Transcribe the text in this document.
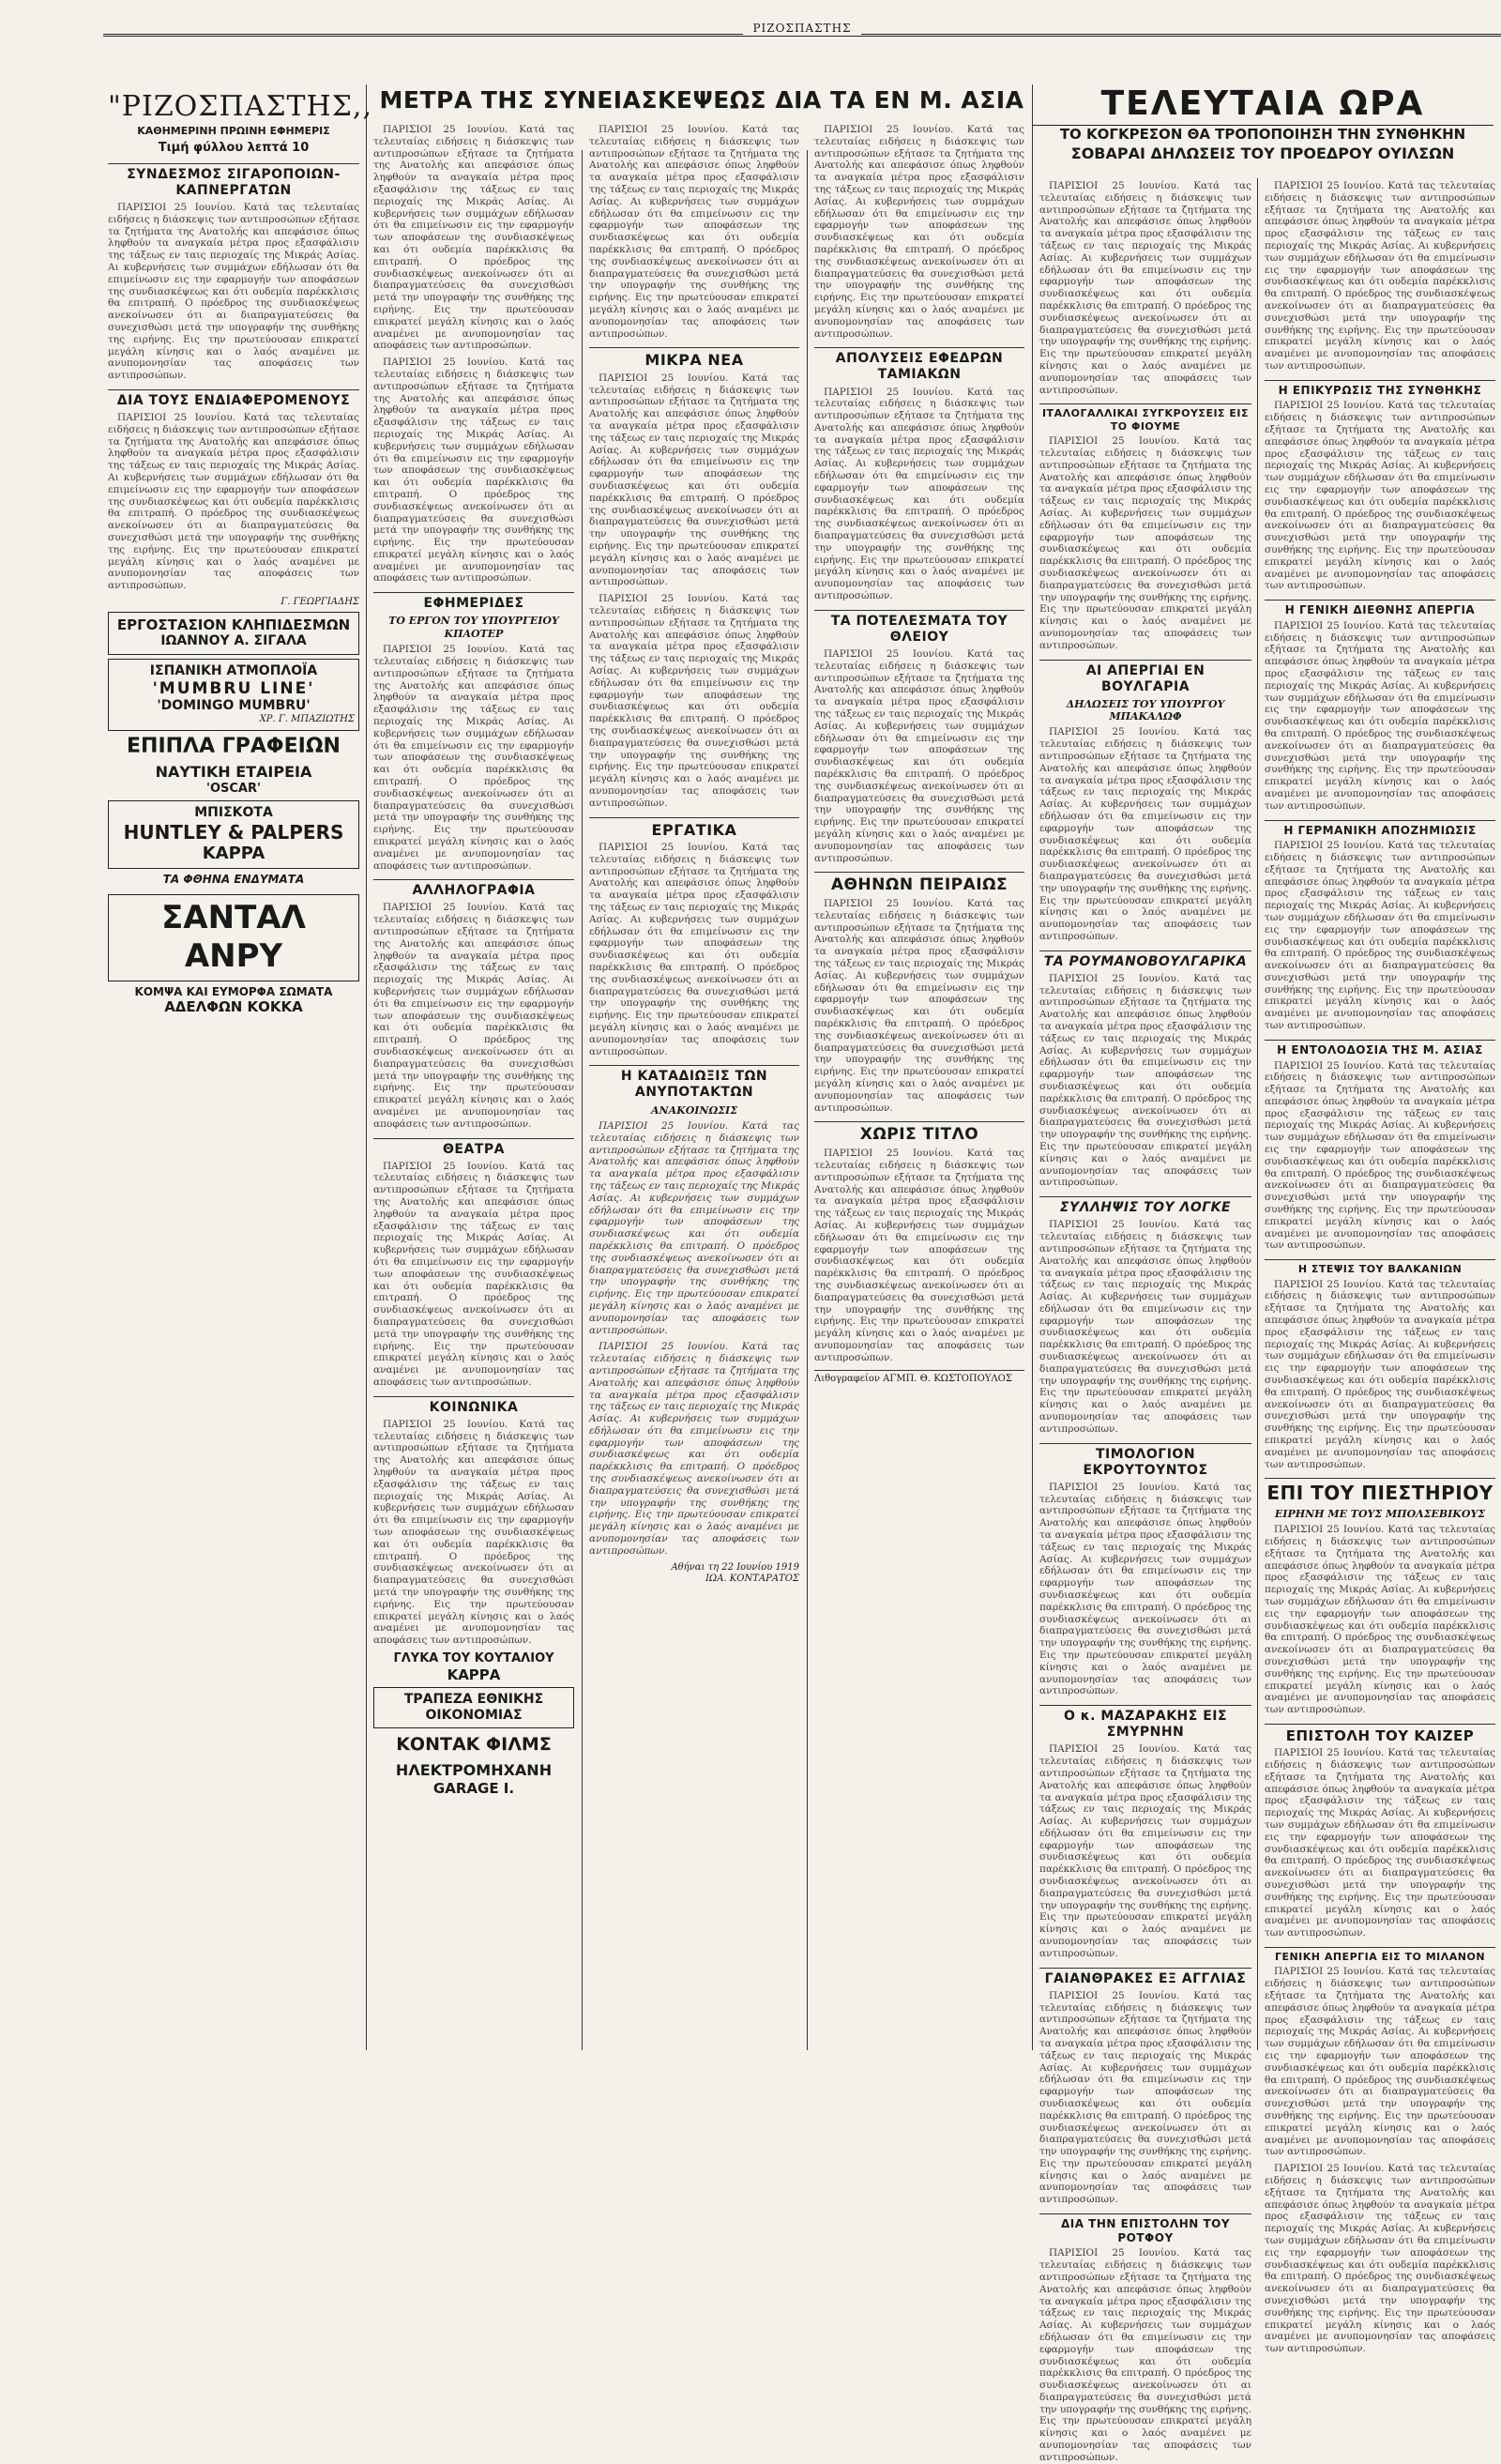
$_{PIZO\Sigma\Pi A\Sigma TH\Sigma}$
ΜΕΤΡΑ ΤΗΣ ΣΥΝΕΙΑΣΚΕΨΕΩΣ ΔΙΑ ΤΑ ΕΝ Μ. ΑΣΙΑ	ΤΕΛΕΥΤΑΙΑ ΩΡΑ
ΤΟ ΚΟΓΚΡΕΣΟΝ ΘΑ ΤΡΟΠΟΠΟΙΗΣΗ ΤΗΝ ΣΥΝΘΗΚΗΝ
ΣΟΒΑΡΑΙ ΔΗΛΩΣΕΙΣ ΤΟΥ ΠΡΟΕΔΡΟΥ ΟΥΙΛΣΩΝ
"ΡΙΖΟΣΠΑΣΤΗΣ,,
ΚΑΘΗΜΕΡΙΝΗ ΠΡΩΙΝΗ ΕΦΗΜΕΡΙΣ
Τιμή φύλλου λεπτά 10
ΣΥΝΔΕΣΜΟΣ ΣΙΓΑΡΟΠΟΙΩΝ-ΚΑΠΝΕΡΓΑΤΩΝ

ΠΑΡΙΣΙΟΙ 25 Ιουνίου. Κατά τας τελευταίας ειδήσεις η διάσκεψις των αντιπροσώπων εξήτασε τα ζητήματα της Ανατολής και απεφάσισε όπως ληφθούν τα αναγκαία μέτρα προς εξασφάλισιν της τάξεως εν ταις περιοχαίς της Μικράς Ασίας. Αι κυβερνήσεις των συμμάχων εδήλωσαν ότι θα επιμείνωσιν εις την εφαρμογήν των αποφάσεων της συνδιασκέψεως και ότι ουδεμία παρέκκλισις θα επιτραπή. Ο πρόεδρος της συνδιασκέψεως ανεκοίνωσεν ότι αι διαπραγματεύσεις θα συνεχισθώσι μετά την υπογραφήν της συνθήκης της ειρήνης. Εις την πρωτεύουσαν επικρατεί μεγάλη κίνησις και ο λαός αναμένει με ανυπομονησίαν τας αποφάσεις των αντιπροσώπων.

ΔΙΑ ΤΟΥΣ ΕΝΔΙΑΦΕΡΟΜΕΝΟΥΣ

ΠΑΡΙΣΙΟΙ 25 Ιουνίου. Κατά τας τελευταίας ειδήσεις η διάσκεψις των αντιπροσώπων εξήτασε τα ζητήματα της Ανατολής και απεφάσισε όπως ληφθούν τα αναγκαία μέτρα προς εξασφάλισιν της τάξεως εν ταις περιοχαίς της Μικράς Ασίας. Αι κυβερνήσεις των συμμάχων εδήλωσαν ότι θα επιμείνωσιν εις την εφαρμογήν των αποφάσεων της συνδιασκέψεως και ότι ουδεμία παρέκκλισις θα επιτραπή. Ο πρόεδρος της συνδιασκέψεως ανεκοίνωσεν ότι αι διαπραγματεύσεις θα συνεχισθώσι μετά την υπογραφήν της συνθήκης της ειρήνης. Εις την πρωτεύουσαν επικρατεί μεγάλη κίνησις και ο λαός αναμένει με ανυπομονησίαν τας αποφάσεις των αντιπροσώπων.

Γ. ΓΕΩΡΓΙΑΔΗΣ
ΕΡΓΟΣΤΑΣΙΟΝ ΚΛΗΠΙΔΕΣΜΩΝ
ΙΩΑΝΝΟΥ Α. ΣΙΓΑΛΑ
ΙΣΠΑΝΙΚΗ ΑΤΜΟΠΛΟΪΑ
'MUMBRU LINE'
'DOMINGO MUMBRU'
ΧΡ. Γ. ΜΠΑΖΙΩΤΗΣ
ΕΠΙΠΛΑ ΓΡΑΦΕΙΩΝ
ΝΑΥΤΙΚΗ ΕΤΑΙΡΕΙΑ
'OSCAR'
ΜΠΙΣΚΟΤΑ
HUNTLEY & PALPERS
KAPPA
ΤΑ ΦΘΗΝΑ ΕΝΔΥΜΑΤΑ
ΣΑΝΤΑΛ ΑΝΡΥ
ΚΟΜΨΑ ΚΑΙ ΕΥΜΟΡΦΑ ΣΩΜΑΤΑ
ΑΔΕΛΦΩΝ ΚΟΚΚΑ

ΠΑΡΙΣΙΟΙ 25 Ιουνίου. Κατά τας τελευταίας ειδήσεις η διάσκεψις των αντιπροσώπων εξήτασε τα ζητήματα της Ανατολής και απεφάσισε όπως ληφθούν τα αναγκαία μέτρα προς εξασφάλισιν της τάξεως εν ταις περιοχαίς της Μικράς Ασίας. Αι κυβερνήσεις των συμμάχων εδήλωσαν ότι θα επιμείνωσιν εις την εφαρμογήν των αποφάσεων της συνδιασκέψεως και ότι ουδεμία παρέκκλισις θα επιτραπή. Ο πρόεδρος της συνδιασκέψεως ανεκοίνωσεν ότι αι διαπραγματεύσεις θα συνεχισθώσι μετά την υπογραφήν της συνθήκης της ειρήνης. Εις την πρωτεύουσαν επικρατεί μεγάλη κίνησις και ο λαός αναμένει με ανυπομονησίαν τας αποφάσεις των αντιπροσώπων.

ΠΑΡΙΣΙΟΙ 25 Ιουνίου. Κατά τας τελευταίας ειδήσεις η διάσκεψις των αντιπροσώπων εξήτασε τα ζητήματα της Ανατολής και απεφάσισε όπως ληφθούν τα αναγκαία μέτρα προς εξασφάλισιν της τάξεως εν ταις περιοχαίς της Μικράς Ασίας. Αι κυβερνήσεις των συμμάχων εδήλωσαν ότι θα επιμείνωσιν εις την εφαρμογήν των αποφάσεων της συνδιασκέψεως και ότι ουδεμία παρέκκλισις θα επιτραπή. Ο πρόεδρος της συνδιασκέψεως ανεκοίνωσεν ότι αι διαπραγματεύσεις θα συνεχισθώσι μετά την υπογραφήν της συνθήκης της ειρήνης. Εις την πρωτεύουσαν επικρατεί μεγάλη κίνησις και ο λαός αναμένει με ανυπομονησίαν τας αποφάσεις των αντιπροσώπων.

ΕΦΗΜΕΡΙΔΕΣ
ΤΟ ΕΡΓΟΝ ΤΟΥ ΥΠΟΥΡΓΕΙΟΥ ΚΠΑΟΤΕΡ

ΠΑΡΙΣΙΟΙ 25 Ιουνίου. Κατά τας τελευταίας ειδήσεις η διάσκεψις των αντιπροσώπων εξήτασε τα ζητήματα της Ανατολής και απεφάσισε όπως ληφθούν τα αναγκαία μέτρα προς εξασφάλισιν της τάξεως εν ταις περιοχαίς της Μικράς Ασίας. Αι κυβερνήσεις των συμμάχων εδήλωσαν ότι θα επιμείνωσιν εις την εφαρμογήν των αποφάσεων της συνδιασκέψεως και ότι ουδεμία παρέκκλισις θα επιτραπή. Ο πρόεδρος της συνδιασκέψεως ανεκοίνωσεν ότι αι διαπραγματεύσεις θα συνεχισθώσι μετά την υπογραφήν της συνθήκης της ειρήνης. Εις την πρωτεύουσαν επικρατεί μεγάλη κίνησις και ο λαός αναμένει με ανυπομονησίαν τας αποφάσεις των αντιπροσώπων.

ΑΛΛΗΛΟΓΡΑΦΙΑ

ΠΑΡΙΣΙΟΙ 25 Ιουνίου. Κατά τας τελευταίας ειδήσεις η διάσκεψις των αντιπροσώπων εξήτασε τα ζητήματα της Ανατολής και απεφάσισε όπως ληφθούν τα αναγκαία μέτρα προς εξασφάλισιν της τάξεως εν ταις περιοχαίς της Μικράς Ασίας. Αι κυβερνήσεις των συμμάχων εδήλωσαν ότι θα επιμείνωσιν εις την εφαρμογήν των αποφάσεων της συνδιασκέψεως και ότι ουδεμία παρέκκλισις θα επιτραπή. Ο πρόεδρος της συνδιασκέψεως ανεκοίνωσεν ότι αι διαπραγματεύσεις θα συνεχισθώσι μετά την υπογραφήν της συνθήκης της ειρήνης. Εις την πρωτεύουσαν επικρατεί μεγάλη κίνησις και ο λαός αναμένει με ανυπομονησίαν τας αποφάσεις των αντιπροσώπων.

ΘΕΑΤΡΑ

ΠΑΡΙΣΙΟΙ 25 Ιουνίου. Κατά τας τελευταίας ειδήσεις η διάσκεψις των αντιπροσώπων εξήτασε τα ζητήματα της Ανατολής και απεφάσισε όπως ληφθούν τα αναγκαία μέτρα προς εξασφάλισιν της τάξεως εν ταις περιοχαίς της Μικράς Ασίας. Αι κυβερνήσεις των συμμάχων εδήλωσαν ότι θα επιμείνωσιν εις την εφαρμογήν των αποφάσεων της συνδιασκέψεως και ότι ουδεμία παρέκκλισις θα επιτραπή. Ο πρόεδρος της συνδιασκέψεως ανεκοίνωσεν ότι αι διαπραγματεύσεις θα συνεχισθώσι μετά την υπογραφήν της συνθήκης της ειρήνης. Εις την πρωτεύουσαν επικρατεί μεγάλη κίνησις και ο λαός αναμένει με ανυπομονησίαν τας αποφάσεις των αντιπροσώπων.

ΚΟΙΝΩΝΙΚΑ

ΠΑΡΙΣΙΟΙ 25 Ιουνίου. Κατά τας τελευταίας ειδήσεις η διάσκεψις των αντιπροσώπων εξήτασε τα ζητήματα της Ανατολής και απεφάσισε όπως ληφθούν τα αναγκαία μέτρα προς εξασφάλισιν της τάξεως εν ταις περιοχαίς της Μικράς Ασίας. Αι κυβερνήσεις των συμμάχων εδήλωσαν ότι θα επιμείνωσιν εις την εφαρμογήν των αποφάσεων της συνδιασκέψεως και ότι ουδεμία παρέκκλισις θα επιτραπή. Ο πρόεδρος της συνδιασκέψεως ανεκοίνωσεν ότι αι διαπραγματεύσεις θα συνεχισθώσι μετά την υπογραφήν της συνθήκης της ειρήνης. Εις την πρωτεύουσαν επικρατεί μεγάλη κίνησις και ο λαός αναμένει με ανυπομονησίαν τας αποφάσεις των αντιπροσώπων.

ΓΛΥΚΑ ΤΟΥ ΚΟΥΤΑΛΙΟΥ
ΚΑΡΡΑ
ΤΡΑΠΕΖΑ ΕΘΝΙΚΗΣ ΟΙΚΟΝΟΜΙΑΣ
ΚΟΝΤΑΚ ΦΙΛΜΣ
ΗΛΕΚΤΡΟΜΗΧΑΝΗ
GARAGE I.

ΠΑΡΙΣΙΟΙ 25 Ιουνίου. Κατά τας τελευταίας ειδήσεις η διάσκεψις των αντιπροσώπων εξήτασε τα ζητήματα της Ανατολής και απεφάσισε όπως ληφθούν τα αναγκαία μέτρα προς εξασφάλισιν της τάξεως εν ταις περιοχαίς της Μικράς Ασίας. Αι κυβερνήσεις των συμμάχων εδήλωσαν ότι θα επιμείνωσιν εις την εφαρμογήν των αποφάσεων της συνδιασκέψεως και ότι ουδεμία παρέκκλισις θα επιτραπή. Ο πρόεδρος της συνδιασκέψεως ανεκοίνωσεν ότι αι διαπραγματεύσεις θα συνεχισθώσι μετά την υπογραφήν της συνθήκης της ειρήνης. Εις την πρωτεύουσαν επικρατεί μεγάλη κίνησις και ο λαός αναμένει με ανυπομονησίαν τας αποφάσεις των αντιπροσώπων.

ΜΙΚΡΑ ΝΕΑ

ΠΑΡΙΣΙΟΙ 25 Ιουνίου. Κατά τας τελευταίας ειδήσεις η διάσκεψις των αντιπροσώπων εξήτασε τα ζητήματα της Ανατολής και απεφάσισε όπως ληφθούν τα αναγκαία μέτρα προς εξασφάλισιν της τάξεως εν ταις περιοχαίς της Μικράς Ασίας. Αι κυβερνήσεις των συμμάχων εδήλωσαν ότι θα επιμείνωσιν εις την εφαρμογήν των αποφάσεων της συνδιασκέψεως και ότι ουδεμία παρέκκλισις θα επιτραπή. Ο πρόεδρος της συνδιασκέψεως ανεκοίνωσεν ότι αι διαπραγματεύσεις θα συνεχισθώσι μετά την υπογραφήν της συνθήκης της ειρήνης. Εις την πρωτεύουσαν επικρατεί μεγάλη κίνησις και ο λαός αναμένει με ανυπομονησίαν τας αποφάσεις των αντιπροσώπων.

ΠΑΡΙΣΙΟΙ 25 Ιουνίου. Κατά τας τελευταίας ειδήσεις η διάσκεψις των αντιπροσώπων εξήτασε τα ζητήματα της Ανατολής και απεφάσισε όπως ληφθούν τα αναγκαία μέτρα προς εξασφάλισιν της τάξεως εν ταις περιοχαίς της Μικράς Ασίας. Αι κυβερνήσεις των συμμάχων εδήλωσαν ότι θα επιμείνωσιν εις την εφαρμογήν των αποφάσεων της συνδιασκέψεως και ότι ουδεμία παρέκκλισις θα επιτραπή. Ο πρόεδρος της συνδιασκέψεως ανεκοίνωσεν ότι αι διαπραγματεύσεις θα συνεχισθώσι μετά την υπογραφήν της συνθήκης της ειρήνης. Εις την πρωτεύουσαν επικρατεί μεγάλη κίνησις και ο λαός αναμένει με ανυπομονησίαν τας αποφάσεις των αντιπροσώπων.

ΕΡΓΑΤΙΚΑ

ΠΑΡΙΣΙΟΙ 25 Ιουνίου. Κατά τας τελευταίας ειδήσεις η διάσκεψις των αντιπροσώπων εξήτασε τα ζητήματα της Ανατολής και απεφάσισε όπως ληφθούν τα αναγκαία μέτρα προς εξασφάλισιν της τάξεως εν ταις περιοχαίς της Μικράς Ασίας. Αι κυβερνήσεις των συμμάχων εδήλωσαν ότι θα επιμείνωσιν εις την εφαρμογήν των αποφάσεων της συνδιασκέψεως και ότι ουδεμία παρέκκλισις θα επιτραπή. Ο πρόεδρος της συνδιασκέψεως ανεκοίνωσεν ότι αι διαπραγματεύσεις θα συνεχισθώσι μετά την υπογραφήν της συνθήκης της ειρήνης. Εις την πρωτεύουσαν επικρατεί μεγάλη κίνησις και ο λαός αναμένει με ανυπομονησίαν τας αποφάσεις των αντιπροσώπων.

Η ΚΑΤΑΔΙΩΞΙΣ ΤΩΝ ΑΝΥΠΟΤΑΚΤΩΝ
ΑΝΑΚΟΙΝΩΣΙΣ

ΠΑΡΙΣΙΟΙ 25 Ιουνίου. Κατά τας τελευταίας ειδήσεις η διάσκεψις των αντιπροσώπων εξήτασε τα ζητήματα της Ανατολής και απεφάσισε όπως ληφθούν τα αναγκαία μέτρα προς εξασφάλισιν της τάξεως εν ταις περιοχαίς της Μικράς Ασίας. Αι κυβερνήσεις των συμμάχων εδήλωσαν ότι θα επιμείνωσιν εις την εφαρμογήν των αποφάσεων της συνδιασκέψεως και ότι ουδεμία παρέκκλισις θα επιτραπή. Ο πρόεδρος της συνδιασκέψεως ανεκοίνωσεν ότι αι διαπραγματεύσεις θα συνεχισθώσι μετά την υπογραφήν της συνθήκης της ειρήνης. Εις την πρωτεύουσαν επικρατεί μεγάλη κίνησις και ο λαός αναμένει με ανυπομονησίαν τας αποφάσεις των αντιπροσώπων.

ΠΑΡΙΣΙΟΙ 25 Ιουνίου. Κατά τας τελευταίας ειδήσεις η διάσκεψις των αντιπροσώπων εξήτασε τα ζητήματα της Ανατολής και απεφάσισε όπως ληφθούν τα αναγκαία μέτρα προς εξασφάλισιν της τάξεως εν ταις περιοχαίς της Μικράς Ασίας. Αι κυβερνήσεις των συμμάχων εδήλωσαν ότι θα επιμείνωσιν εις την εφαρμογήν των αποφάσεων της συνδιασκέψεως και ότι ουδεμία παρέκκλισις θα επιτραπή. Ο πρόεδρος της συνδιασκέψεως ανεκοίνωσεν ότι αι διαπραγματεύσεις θα συνεχισθώσι μετά την υπογραφήν της συνθήκης της ειρήνης. Εις την πρωτεύουσαν επικρατεί μεγάλη κίνησις και ο λαός αναμένει με ανυπομονησίαν τας αποφάσεις των αντιπροσώπων.

Αθήναι τη 22 Ιουνίου 1919
ΙΩΑ. ΚΟΝΤΑΡΑΤΟΣ

ΠΑΡΙΣΙΟΙ 25 Ιουνίου. Κατά τας τελευταίας ειδήσεις η διάσκεψις των αντιπροσώπων εξήτασε τα ζητήματα της Ανατολής και απεφάσισε όπως ληφθούν τα αναγκαία μέτρα προς εξασφάλισιν της τάξεως εν ταις περιοχαίς της Μικράς Ασίας. Αι κυβερνήσεις των συμμάχων εδήλωσαν ότι θα επιμείνωσιν εις την εφαρμογήν των αποφάσεων της συνδιασκέψεως και ότι ουδεμία παρέκκλισις θα επιτραπή. Ο πρόεδρος της συνδιασκέψεως ανεκοίνωσεν ότι αι διαπραγματεύσεις θα συνεχισθώσι μετά την υπογραφήν της συνθήκης της ειρήνης. Εις την πρωτεύουσαν επικρατεί μεγάλη κίνησις και ο λαός αναμένει με ανυπομονησίαν τας αποφάσεις των αντιπροσώπων.

ΑΠΟΛΥΣΕΙΣ ΕΦΕΔΡΩΝ ΤΑΜΙΑΚΩΝ

ΠΑΡΙΣΙΟΙ 25 Ιουνίου. Κατά τας τελευταίας ειδήσεις η διάσκεψις των αντιπροσώπων εξήτασε τα ζητήματα της Ανατολής και απεφάσισε όπως ληφθούν τα αναγκαία μέτρα προς εξασφάλισιν της τάξεως εν ταις περιοχαίς της Μικράς Ασίας. Αι κυβερνήσεις των συμμάχων εδήλωσαν ότι θα επιμείνωσιν εις την εφαρμογήν των αποφάσεων της συνδιασκέψεως και ότι ουδεμία παρέκκλισις θα επιτραπή. Ο πρόεδρος της συνδιασκέψεως ανεκοίνωσεν ότι αι διαπραγματεύσεις θα συνεχισθώσι μετά την υπογραφήν της συνθήκης της ειρήνης. Εις την πρωτεύουσαν επικρατεί μεγάλη κίνησις και ο λαός αναμένει με ανυπομονησίαν τας αποφάσεις των αντιπροσώπων.

ΤΑ ΠΟΤΕΛΕΣΜΑΤΑ ΤΟΥ ΘΛΕΙΟΥ

ΠΑΡΙΣΙΟΙ 25 Ιουνίου. Κατά τας τελευταίας ειδήσεις η διάσκεψις των αντιπροσώπων εξήτασε τα ζητήματα της Ανατολής και απεφάσισε όπως ληφθούν τα αναγκαία μέτρα προς εξασφάλισιν της τάξεως εν ταις περιοχαίς της Μικράς Ασίας. Αι κυβερνήσεις των συμμάχων εδήλωσαν ότι θα επιμείνωσιν εις την εφαρμογήν των αποφάσεων της συνδιασκέψεως και ότι ουδεμία παρέκκλισις θα επιτραπή. Ο πρόεδρος της συνδιασκέψεως ανεκοίνωσεν ότι αι διαπραγματεύσεις θα συνεχισθώσι μετά την υπογραφήν της συνθήκης της ειρήνης. Εις την πρωτεύουσαν επικρατεί μεγάλη κίνησις και ο λαός αναμένει με ανυπομονησίαν τας αποφάσεις των αντιπροσώπων.

ΑΘΗΝΩΝ ΠΕΙΡΑΙΩΣ

ΠΑΡΙΣΙΟΙ 25 Ιουνίου. Κατά τας τελευταίας ειδήσεις η διάσκεψις των αντιπροσώπων εξήτασε τα ζητήματα της Ανατολής και απεφάσισε όπως ληφθούν τα αναγκαία μέτρα προς εξασφάλισιν της τάξεως εν ταις περιοχαίς της Μικράς Ασίας. Αι κυβερνήσεις των συμμάχων εδήλωσαν ότι θα επιμείνωσιν εις την εφαρμογήν των αποφάσεων της συνδιασκέψεως και ότι ουδεμία παρέκκλισις θα επιτραπή. Ο πρόεδρος της συνδιασκέψεως ανεκοίνωσεν ότι αι διαπραγματεύσεις θα συνεχισθώσι μετά την υπογραφήν της συνθήκης της ειρήνης. Εις την πρωτεύουσαν επικρατεί μεγάλη κίνησις και ο λαός αναμένει με ανυπομονησίαν τας αποφάσεις των αντιπροσώπων.

ΧΩΡΙΣ ΤΙΤΛΟ

ΠΑΡΙΣΙΟΙ 25 Ιουνίου. Κατά τας τελευταίας ειδήσεις η διάσκεψις των αντιπροσώπων εξήτασε τα ζητήματα της Ανατολής και απεφάσισε όπως ληφθούν τα αναγκαία μέτρα προς εξασφάλισιν της τάξεως εν ταις περιοχαίς της Μικράς Ασίας. Αι κυβερνήσεις των συμμάχων εδήλωσαν ότι θα επιμείνωσιν εις την εφαρμογήν των αποφάσεων της συνδιασκέψεως και ότι ουδεμία παρέκκλισις θα επιτραπή. Ο πρόεδρος της συνδιασκέψεως ανεκοίνωσεν ότι αι διαπραγματεύσεις θα συνεχισθώσι μετά την υπογραφήν της συνθήκης της ειρήνης. Εις την πρωτεύουσαν επικρατεί μεγάλη κίνησις και ο λαός αναμένει με ανυπομονησίαν τας αποφάσεις των αντιπροσώπων.

Λιθογραφείον ΑΓΜΠ. Θ. ΚΩΣΤΟΠΟΥΛΟΣ

ΠΑΡΙΣΙΟΙ 25 Ιουνίου. Κατά τας τελευταίας ειδήσεις η διάσκεψις των αντιπροσώπων εξήτασε τα ζητήματα της Ανατολής και απεφάσισε όπως ληφθούν τα αναγκαία μέτρα προς εξασφάλισιν της τάξεως εν ταις περιοχαίς της Μικράς Ασίας. Αι κυβερνήσεις των συμμάχων εδήλωσαν ότι θα επιμείνωσιν εις την εφαρμογήν των αποφάσεων της συνδιασκέψεως και ότι ουδεμία παρέκκλισις θα επιτραπή. Ο πρόεδρος της συνδιασκέψεως ανεκοίνωσεν ότι αι διαπραγματεύσεις θα συνεχισθώσι μετά την υπογραφήν της συνθήκης της ειρήνης. Εις την πρωτεύουσαν επικρατεί μεγάλη κίνησις και ο λαός αναμένει με ανυπομονησίαν τας αποφάσεις των αντιπροσώπων.

ΙΤΑΛΟΓΑΛΛΙΚΑΙ ΣΥΓΚΡΟΥΣΕΙΣ ΕΙΣ ΤΟ ΦΙΟΥΜΕ

ΠΑΡΙΣΙΟΙ 25 Ιουνίου. Κατά τας τελευταίας ειδήσεις η διάσκεψις των αντιπροσώπων εξήτασε τα ζητήματα της Ανατολής και απεφάσισε όπως ληφθούν τα αναγκαία μέτρα προς εξασφάλισιν της τάξεως εν ταις περιοχαίς της Μικράς Ασίας. Αι κυβερνήσεις των συμμάχων εδήλωσαν ότι θα επιμείνωσιν εις την εφαρμογήν των αποφάσεων της συνδιασκέψεως και ότι ουδεμία παρέκκλισις θα επιτραπή. Ο πρόεδρος της συνδιασκέψεως ανεκοίνωσεν ότι αι διαπραγματεύσεις θα συνεχισθώσι μετά την υπογραφήν της συνθήκης της ειρήνης. Εις την πρωτεύουσαν επικρατεί μεγάλη κίνησις και ο λαός αναμένει με ανυπομονησίαν τας αποφάσεις των αντιπροσώπων.

ΑΙ ΑΠΕΡΓΙΑΙ ΕΝ ΒΟΥΛΓΑΡΙΑ
ΔΗΛΩΣΕΙΣ ΤΟΥ ΥΠΟΥΡΓΟΥ ΜΠΑΚΑΛΩΦ

ΠΑΡΙΣΙΟΙ 25 Ιουνίου. Κατά τας τελευταίας ειδήσεις η διάσκεψις των αντιπροσώπων εξήτασε τα ζητήματα της Ανατολής και απεφάσισε όπως ληφθούν τα αναγκαία μέτρα προς εξασφάλισιν της τάξεως εν ταις περιοχαίς της Μικράς Ασίας. Αι κυβερνήσεις των συμμάχων εδήλωσαν ότι θα επιμείνωσιν εις την εφαρμογήν των αποφάσεων της συνδιασκέψεως και ότι ουδεμία παρέκκλισις θα επιτραπή. Ο πρόεδρος της συνδιασκέψεως ανεκοίνωσεν ότι αι διαπραγματεύσεις θα συνεχισθώσι μετά την υπογραφήν της συνθήκης της ειρήνης. Εις την πρωτεύουσαν επικρατεί μεγάλη κίνησις και ο λαός αναμένει με ανυπομονησίαν τας αποφάσεις των αντιπροσώπων.

ΤΑ ΡΟΥΜΑΝΟΒΟΥΛΓΑΡΙΚΑ

ΠΑΡΙΣΙΟΙ 25 Ιουνίου. Κατά τας τελευταίας ειδήσεις η διάσκεψις των αντιπροσώπων εξήτασε τα ζητήματα της Ανατολής και απεφάσισε όπως ληφθούν τα αναγκαία μέτρα προς εξασφάλισιν της τάξεως εν ταις περιοχαίς της Μικράς Ασίας. Αι κυβερνήσεις των συμμάχων εδήλωσαν ότι θα επιμείνωσιν εις την εφαρμογήν των αποφάσεων της συνδιασκέψεως και ότι ουδεμία παρέκκλισις θα επιτραπή. Ο πρόεδρος της συνδιασκέψεως ανεκοίνωσεν ότι αι διαπραγματεύσεις θα συνεχισθώσι μετά την υπογραφήν της συνθήκης της ειρήνης. Εις την πρωτεύουσαν επικρατεί μεγάλη κίνησις και ο λαός αναμένει με ανυπομονησίαν τας αποφάσεις των αντιπροσώπων.

ΣΥΛΛΗΨΙΣ ΤΟΥ ΛΟΓΚΕ

ΠΑΡΙΣΙΟΙ 25 Ιουνίου. Κατά τας τελευταίας ειδήσεις η διάσκεψις των αντιπροσώπων εξήτασε τα ζητήματα της Ανατολής και απεφάσισε όπως ληφθούν τα αναγκαία μέτρα προς εξασφάλισιν της τάξεως εν ταις περιοχαίς της Μικράς Ασίας. Αι κυβερνήσεις των συμμάχων εδήλωσαν ότι θα επιμείνωσιν εις την εφαρμογήν των αποφάσεων της συνδιασκέψεως και ότι ουδεμία παρέκκλισις θα επιτραπή. Ο πρόεδρος της συνδιασκέψεως ανεκοίνωσεν ότι αι διαπραγματεύσεις θα συνεχισθώσι μετά την υπογραφήν της συνθήκης της ειρήνης. Εις την πρωτεύουσαν επικρατεί μεγάλη κίνησις και ο λαός αναμένει με ανυπομονησίαν τας αποφάσεις των αντιπροσώπων.

ΤΙΜΟΛΟΓΙΟΝ ΕΚΡΟΥΤΟΥΝΤΟΣ

ΠΑΡΙΣΙΟΙ 25 Ιουνίου. Κατά τας τελευταίας ειδήσεις η διάσκεψις των αντιπροσώπων εξήτασε τα ζητήματα της Ανατολής και απεφάσισε όπως ληφθούν τα αναγκαία μέτρα προς εξασφάλισιν της τάξεως εν ταις περιοχαίς της Μικράς Ασίας. Αι κυβερνήσεις των συμμάχων εδήλωσαν ότι θα επιμείνωσιν εις την εφαρμογήν των αποφάσεων της συνδιασκέψεως και ότι ουδεμία παρέκκλισις θα επιτραπή. Ο πρόεδρος της συνδιασκέψεως ανεκοίνωσεν ότι αι διαπραγματεύσεις θα συνεχισθώσι μετά την υπογραφήν της συνθήκης της ειρήνης. Εις την πρωτεύουσαν επικρατεί μεγάλη κίνησις και ο λαός αναμένει με ανυπομονησίαν τας αποφάσεις των αντιπροσώπων.

Ο κ. ΜΑΖΑΡΑΚΗΣ ΕΙΣ ΣΜΥΡΝΗΝ

ΠΑΡΙΣΙΟΙ 25 Ιουνίου. Κατά τας τελευταίας ειδήσεις η διάσκεψις των αντιπροσώπων εξήτασε τα ζητήματα της Ανατολής και απεφάσισε όπως ληφθούν τα αναγκαία μέτρα προς εξασφάλισιν της τάξεως εν ταις περιοχαίς της Μικράς Ασίας. Αι κυβερνήσεις των συμμάχων εδήλωσαν ότι θα επιμείνωσιν εις την εφαρμογήν των αποφάσεων της συνδιασκέψεως και ότι ουδεμία παρέκκλισις θα επιτραπή. Ο πρόεδρος της συνδιασκέψεως ανεκοίνωσεν ότι αι διαπραγματεύσεις θα συνεχισθώσι μετά την υπογραφήν της συνθήκης της ειρήνης. Εις την πρωτεύουσαν επικρατεί μεγάλη κίνησις και ο λαός αναμένει με ανυπομονησίαν τας αποφάσεις των αντιπροσώπων.

ΓΑΙΑΝΘΡΑΚΕΣ ΕΞ ΑΓΓΛΙΑΣ

ΠΑΡΙΣΙΟΙ 25 Ιουνίου. Κατά τας τελευταίας ειδήσεις η διάσκεψις των αντιπροσώπων εξήτασε τα ζητήματα της Ανατολής και απεφάσισε όπως ληφθούν τα αναγκαία μέτρα προς εξασφάλισιν της τάξεως εν ταις περιοχαίς της Μικράς Ασίας. Αι κυβερνήσεις των συμμάχων εδήλωσαν ότι θα επιμείνωσιν εις την εφαρμογήν των αποφάσεων της συνδιασκέψεως και ότι ουδεμία παρέκκλισις θα επιτραπή. Ο πρόεδρος της συνδιασκέψεως ανεκοίνωσεν ότι αι διαπραγματεύσεις θα συνεχισθώσι μετά την υπογραφήν της συνθήκης της ειρήνης. Εις την πρωτεύουσαν επικρατεί μεγάλη κίνησις και ο λαός αναμένει με ανυπομονησίαν τας αποφάσεις των αντιπροσώπων.

ΔΙΑ ΤΗΝ ΕΠΙΣΤΟΛΗΝ ΤΟΥ ΡΟΤΦΟΥ

ΠΑΡΙΣΙΟΙ 25 Ιουνίου. Κατά τας τελευταίας ειδήσεις η διάσκεψις των αντιπροσώπων εξήτασε τα ζητήματα της Ανατολής και απεφάσισε όπως ληφθούν τα αναγκαία μέτρα προς εξασφάλισιν της τάξεως εν ταις περιοχαίς της Μικράς Ασίας. Αι κυβερνήσεις των συμμάχων εδήλωσαν ότι θα επιμείνωσιν εις την εφαρμογήν των αποφάσεων της συνδιασκέψεως και ότι ουδεμία παρέκκλισις θα επιτραπή. Ο πρόεδρος της συνδιασκέψεως ανεκοίνωσεν ότι αι διαπραγματεύσεις θα συνεχισθώσι μετά την υπογραφήν της συνθήκης της ειρήνης. Εις την πρωτεύουσαν επικρατεί μεγάλη κίνησις και ο λαός αναμένει με ανυπομονησίαν τας αποφάσεις των αντιπροσώπων.

ΠΑΡΙΣΙΟΙ 25 Ιουνίου. Κατά τας τελευταίας ειδήσεις η διάσκεψις των αντιπροσώπων εξήτασε τα ζητήματα της Ανατολής και απεφάσισε όπως ληφθούν τα αναγκαία μέτρα προς εξασφάλισιν της τάξεως εν ταις περιοχαίς της Μικράς Ασίας. Αι κυβερνήσεις των συμμάχων εδήλωσαν ότι θα επιμείνωσιν εις την εφαρμογήν των αποφάσεων της συνδιασκέψεως και ότι ουδεμία παρέκκλισις θα επιτραπή. Ο πρόεδρος της συνδιασκέψεως ανεκοίνωσεν ότι αι διαπραγματεύσεις θα συνεχισθώσι μετά την υπογραφήν της συνθήκης της ειρήνης. Εις την πρωτεύουσαν επικρατεί μεγάλη κίνησις και ο λαός αναμένει με ανυπομονησίαν τας αποφάσεις των αντιπροσώπων.

Η ΕΠΙΚΥΡΩΣΙΣ ΤΗΣ ΣΥΝΘΗΚΗΣ

ΠΑΡΙΣΙΟΙ 25 Ιουνίου. Κατά τας τελευταίας ειδήσεις η διάσκεψις των αντιπροσώπων εξήτασε τα ζητήματα της Ανατολής και απεφάσισε όπως ληφθούν τα αναγκαία μέτρα προς εξασφάλισιν της τάξεως εν ταις περιοχαίς της Μικράς Ασίας. Αι κυβερνήσεις των συμμάχων εδήλωσαν ότι θα επιμείνωσιν εις την εφαρμογήν των αποφάσεων της συνδιασκέψεως και ότι ουδεμία παρέκκλισις θα επιτραπή. Ο πρόεδρος της συνδιασκέψεως ανεκοίνωσεν ότι αι διαπραγματεύσεις θα συνεχισθώσι μετά την υπογραφήν της συνθήκης της ειρήνης. Εις την πρωτεύουσαν επικρατεί μεγάλη κίνησις και ο λαός αναμένει με ανυπομονησίαν τας αποφάσεις των αντιπροσώπων.

Η ΓΕΝΙΚΗ ΔΙΕΘΝΗΣ ΑΠΕΡΓΙΑ

ΠΑΡΙΣΙΟΙ 25 Ιουνίου. Κατά τας τελευταίας ειδήσεις η διάσκεψις των αντιπροσώπων εξήτασε τα ζητήματα της Ανατολής και απεφάσισε όπως ληφθούν τα αναγκαία μέτρα προς εξασφάλισιν της τάξεως εν ταις περιοχαίς της Μικράς Ασίας. Αι κυβερνήσεις των συμμάχων εδήλωσαν ότι θα επιμείνωσιν εις την εφαρμογήν των αποφάσεων της συνδιασκέψεως και ότι ουδεμία παρέκκλισις θα επιτραπή. Ο πρόεδρος της συνδιασκέψεως ανεκοίνωσεν ότι αι διαπραγματεύσεις θα συνεχισθώσι μετά την υπογραφήν της συνθήκης της ειρήνης. Εις την πρωτεύουσαν επικρατεί μεγάλη κίνησις και ο λαός αναμένει με ανυπομονησίαν τας αποφάσεις των αντιπροσώπων.

Η ΓΕΡΜΑΝΙΚΗ ΑΠΟΖΗΜΙΩΣΙΣ

ΠΑΡΙΣΙΟΙ 25 Ιουνίου. Κατά τας τελευταίας ειδήσεις η διάσκεψις των αντιπροσώπων εξήτασε τα ζητήματα της Ανατολής και απεφάσισε όπως ληφθούν τα αναγκαία μέτρα προς εξασφάλισιν της τάξεως εν ταις περιοχαίς της Μικράς Ασίας. Αι κυβερνήσεις των συμμάχων εδήλωσαν ότι θα επιμείνωσιν εις την εφαρμογήν των αποφάσεων της συνδιασκέψεως και ότι ουδεμία παρέκκλισις θα επιτραπή. Ο πρόεδρος της συνδιασκέψεως ανεκοίνωσεν ότι αι διαπραγματεύσεις θα συνεχισθώσι μετά την υπογραφήν της συνθήκης της ειρήνης. Εις την πρωτεύουσαν επικρατεί μεγάλη κίνησις και ο λαός αναμένει με ανυπομονησίαν τας αποφάσεις των αντιπροσώπων.

Η ΕΝΤΟΛΟΔΟΣΙΑ ΤΗΣ Μ. ΑΣΙΑΣ

ΠΑΡΙΣΙΟΙ 25 Ιουνίου. Κατά τας τελευταίας ειδήσεις η διάσκεψις των αντιπροσώπων εξήτασε τα ζητήματα της Ανατολής και απεφάσισε όπως ληφθούν τα αναγκαία μέτρα προς εξασφάλισιν της τάξεως εν ταις περιοχαίς της Μικράς Ασίας. Αι κυβερνήσεις των συμμάχων εδήλωσαν ότι θα επιμείνωσιν εις την εφαρμογήν των αποφάσεων της συνδιασκέψεως και ότι ουδεμία παρέκκλισις θα επιτραπή. Ο πρόεδρος της συνδιασκέψεως ανεκοίνωσεν ότι αι διαπραγματεύσεις θα συνεχισθώσι μετά την υπογραφήν της συνθήκης της ειρήνης. Εις την πρωτεύουσαν επικρατεί μεγάλη κίνησις και ο λαός αναμένει με ανυπομονησίαν τας αποφάσεις των αντιπροσώπων.

Η ΣΤΕΨΙΣ ΤΟΥ ΒΑΛΚΑΝΙΩΝ

ΠΑΡΙΣΙΟΙ 25 Ιουνίου. Κατά τας τελευταίας ειδήσεις η διάσκεψις των αντιπροσώπων εξήτασε τα ζητήματα της Ανατολής και απεφάσισε όπως ληφθούν τα αναγκαία μέτρα προς εξασφάλισιν της τάξεως εν ταις περιοχαίς της Μικράς Ασίας. Αι κυβερνήσεις των συμμάχων εδήλωσαν ότι θα επιμείνωσιν εις την εφαρμογήν των αποφάσεων της συνδιασκέψεως και ότι ουδεμία παρέκκλισις θα επιτραπή. Ο πρόεδρος της συνδιασκέψεως ανεκοίνωσεν ότι αι διαπραγματεύσεις θα συνεχισθώσι μετά την υπογραφήν της συνθήκης της ειρήνης. Εις την πρωτεύουσαν επικρατεί μεγάλη κίνησις και ο λαός αναμένει με ανυπομονησίαν τας αποφάσεις των αντιπροσώπων.

ΕΠΙ ΤΟΥ ΠΙΕΣΤΗΡΙΟΥ
ΕΙΡΗΝΗ ΜΕ ΤΟΥΣ ΜΠΟΛΣΕΒΙΚΟΥΣ

ΠΑΡΙΣΙΟΙ 25 Ιουνίου. Κατά τας τελευταίας ειδήσεις η διάσκεψις των αντιπροσώπων εξήτασε τα ζητήματα της Ανατολής και απεφάσισε όπως ληφθούν τα αναγκαία μέτρα προς εξασφάλισιν της τάξεως εν ταις περιοχαίς της Μικράς Ασίας. Αι κυβερνήσεις των συμμάχων εδήλωσαν ότι θα επιμείνωσιν εις την εφαρμογήν των αποφάσεων της συνδιασκέψεως και ότι ουδεμία παρέκκλισις θα επιτραπή. Ο πρόεδρος της συνδιασκέψεως ανεκοίνωσεν ότι αι διαπραγματεύσεις θα συνεχισθώσι μετά την υπογραφήν της συνθήκης της ειρήνης. Εις την πρωτεύουσαν επικρατεί μεγάλη κίνησις και ο λαός αναμένει με ανυπομονησίαν τας αποφάσεις των αντιπροσώπων.

ΕΠΙΣΤΟΛΗ ΤΟΥ ΚΑΙΖΕΡ

ΠΑΡΙΣΙΟΙ 25 Ιουνίου. Κατά τας τελευταίας ειδήσεις η διάσκεψις των αντιπροσώπων εξήτασε τα ζητήματα της Ανατολής και απεφάσισε όπως ληφθούν τα αναγκαία μέτρα προς εξασφάλισιν της τάξεως εν ταις περιοχαίς της Μικράς Ασίας. Αι κυβερνήσεις των συμμάχων εδήλωσαν ότι θα επιμείνωσιν εις την εφαρμογήν των αποφάσεων της συνδιασκέψεως και ότι ουδεμία παρέκκλισις θα επιτραπή. Ο πρόεδρος της συνδιασκέψεως ανεκοίνωσεν ότι αι διαπραγματεύσεις θα συνεχισθώσι μετά την υπογραφήν της συνθήκης της ειρήνης. Εις την πρωτεύουσαν επικρατεί μεγάλη κίνησις και ο λαός αναμένει με ανυπομονησίαν τας αποφάσεις των αντιπροσώπων.

ΓΕΝΙΚΗ ΑΠΕΡΓΙΑ ΕΙΣ ΤΟ ΜΙΛΑΝΟΝ

ΠΑΡΙΣΙΟΙ 25 Ιουνίου. Κατά τας τελευταίας ειδήσεις η διάσκεψις των αντιπροσώπων εξήτασε τα ζητήματα της Ανατολής και απεφάσισε όπως ληφθούν τα αναγκαία μέτρα προς εξασφάλισιν της τάξεως εν ταις περιοχαίς της Μικράς Ασίας. Αι κυβερνήσεις των συμμάχων εδήλωσαν ότι θα επιμείνωσιν εις την εφαρμογήν των αποφάσεων της συνδιασκέψεως και ότι ουδεμία παρέκκλισις θα επιτραπή. Ο πρόεδρος της συνδιασκέψεως ανεκοίνωσεν ότι αι διαπραγματεύσεις θα συνεχισθώσι μετά την υπογραφήν της συνθήκης της ειρήνης. Εις την πρωτεύουσαν επικρατεί μεγάλη κίνησις και ο λαός αναμένει με ανυπομονησίαν τας αποφάσεις των αντιπροσώπων.

ΠΑΡΙΣΙΟΙ 25 Ιουνίου. Κατά τας τελευταίας ειδήσεις η διάσκεψις των αντιπροσώπων εξήτασε τα ζητήματα της Ανατολής και απεφάσισε όπως ληφθούν τα αναγκαία μέτρα προς εξασφάλισιν της τάξεως εν ταις περιοχαίς της Μικράς Ασίας. Αι κυβερνήσεις των συμμάχων εδήλωσαν ότι θα επιμείνωσιν εις την εφαρμογήν των αποφάσεων της συνδιασκέψεως και ότι ουδεμία παρέκκλισις θα επιτραπή. Ο πρόεδρος της συνδιασκέψεως ανεκοίνωσεν ότι αι διαπραγματεύσεις θα συνεχισθώσι μετά την υπογραφήν της συνθήκης της ειρήνης. Εις την πρωτεύουσαν επικρατεί μεγάλη κίνησις και ο λαός αναμένει με ανυπομονησίαν τας αποφάσεις των αντιπροσώπων.
